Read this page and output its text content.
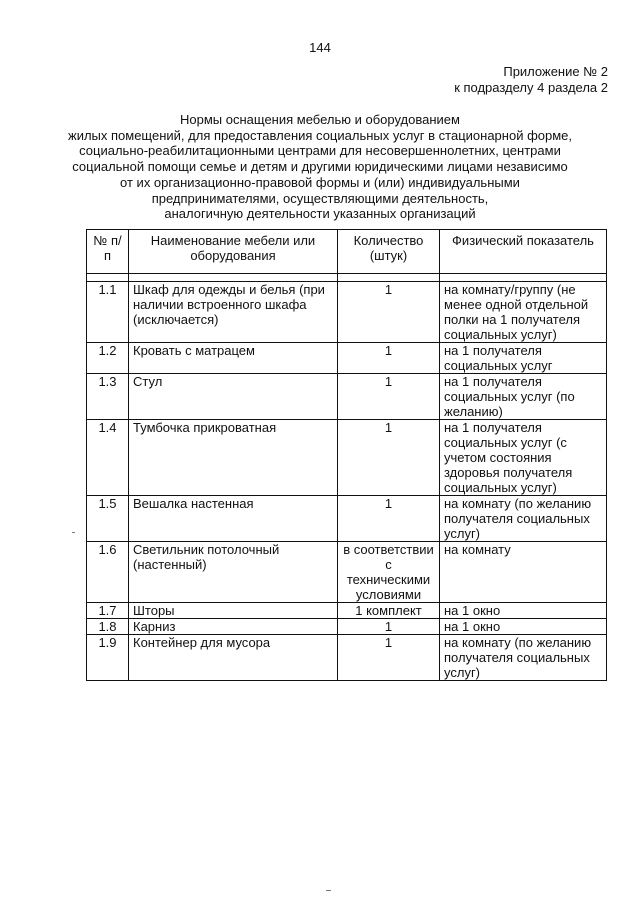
144
Приложение № 2
к подразделу 4 раздела 2
Нормы оснащения мебелью и оборудованием
жилых помещений, для предоставления социальных услуг в стационарной форме,
социально-реабилитационными центрами для несовершеннолетних, центрами
социальной помощи семье и детям и другими юридическими лицами независимо
от их организационно-правовой формы и (или) индивидуальными
предпринимателями, осуществляющими деятельность,
аналогичную деятельности указанных организаций
№ п/п	Наименование мебели или оборудования	Количество (штук)	Физический показатель

1.1	Шкаф для одежды и белья (при наличии встроенного шкафа (исключается)	1	на комнату/группу (не менее одной отдельной полки на 1 получателя социальных услуг)
1.2	Кровать с матрацем	1	на 1 получателя социальных услуг
1.3	Стул	1	на 1 получателя социальных услуг (по желанию)
1.4	Тумбочка прикроватная	1	на 1 получателя социальных услуг (с учетом состояния здоровья получателя социальных услуг)
1.5	Вешалка настенная	1	на комнату (по желанию получателя социальных услуг)
1.6	Светильник потолочный (настенный)	в соответствии с техническими условиями	на комнату
1.7	Шторы	1 комплект	на 1 окно
1.8	Карниз	1	на 1 окно
1.9	Контейнер для мусора	1	на комнату (по желанию получателя социальных услуг)
